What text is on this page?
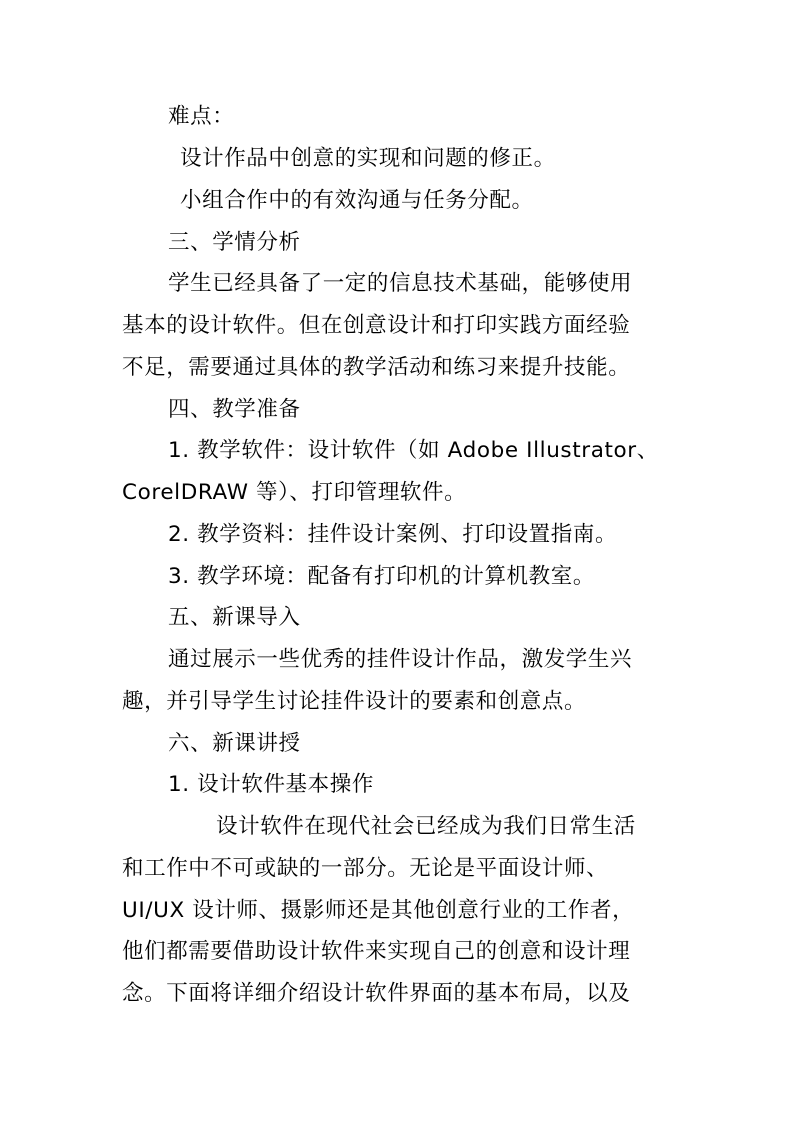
难点：
设计作品中创意的实现和问题的修正。
小组合作中的有效沟通与任务分配。
三、学情分析
学生已经具备了一定的信息技术基础，能够使用
基本的设计软件。但在创意设计和打印实践方面经验
不足，需要通过具体的教学活动和练习来提升技能。
四、教学准备
1. 教学软件：设计软件（如 Adobe Illustrator、
CorelDRAW 等）、打印管理软件。
2. 教学资料：挂件设计案例、打印设置指南。
3. 教学环境：配备有打印机的计算机教室。
五、新课导入
通过展示一些优秀的挂件设计作品，激发学生兴
趣，并引导学生讨论挂件设计的要素和创意点。
六、新课讲授
1. 设计软件基本操作
设计软件在现代社会已经成为我们日常生活
和工作中不可或缺的一部分。无论是平面设计师、
UI/UX 设计师、摄影师还是其他创意行业的工作者，
他们都需要借助设计软件来实现自己的创意和设计理
念。下面将详细介绍设计软件界面的基本布局，以及
